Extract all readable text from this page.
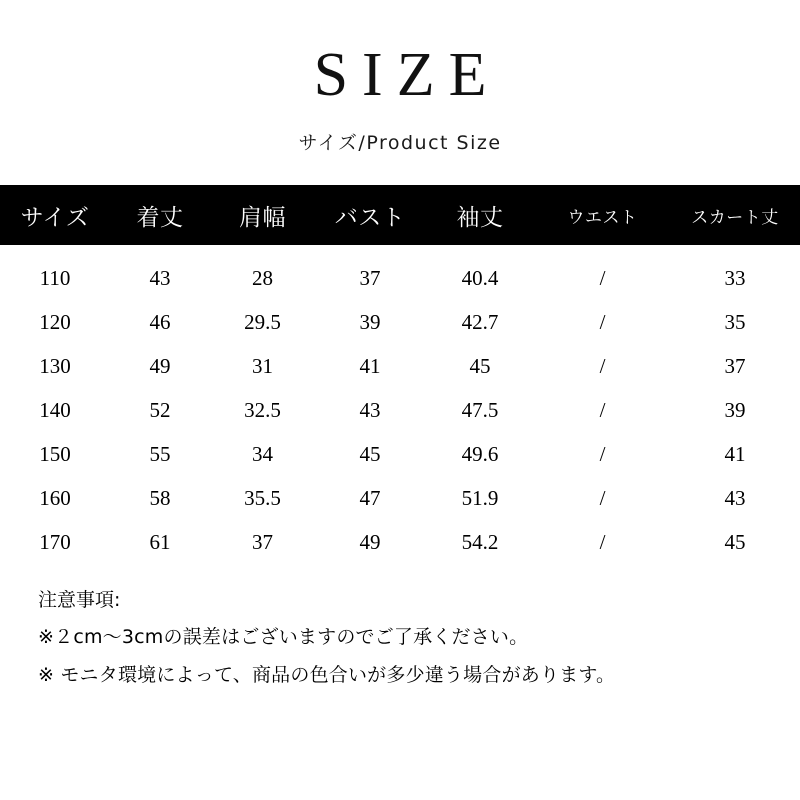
SIZE
サイズ/Product Size
サイズ	着丈	肩幅	バスト	袖丈	ウエスト	スカート丈
110	43	28	37	40.4	/	33
120	46	29.5	39	42.7	/	35
130	49	31	41	45	/	37
140	52	32.5	43	47.5	/	39
150	55	34	45	49.6	/	41
160	58	35.5	47	51.9	/	43
170	61	37	49	54.2	/	45
注意事項:
※２cm〜3cmの誤差はございますのでご了承ください。
※ モニタ環境によって、商品の色合いが多少違う場合があります。
